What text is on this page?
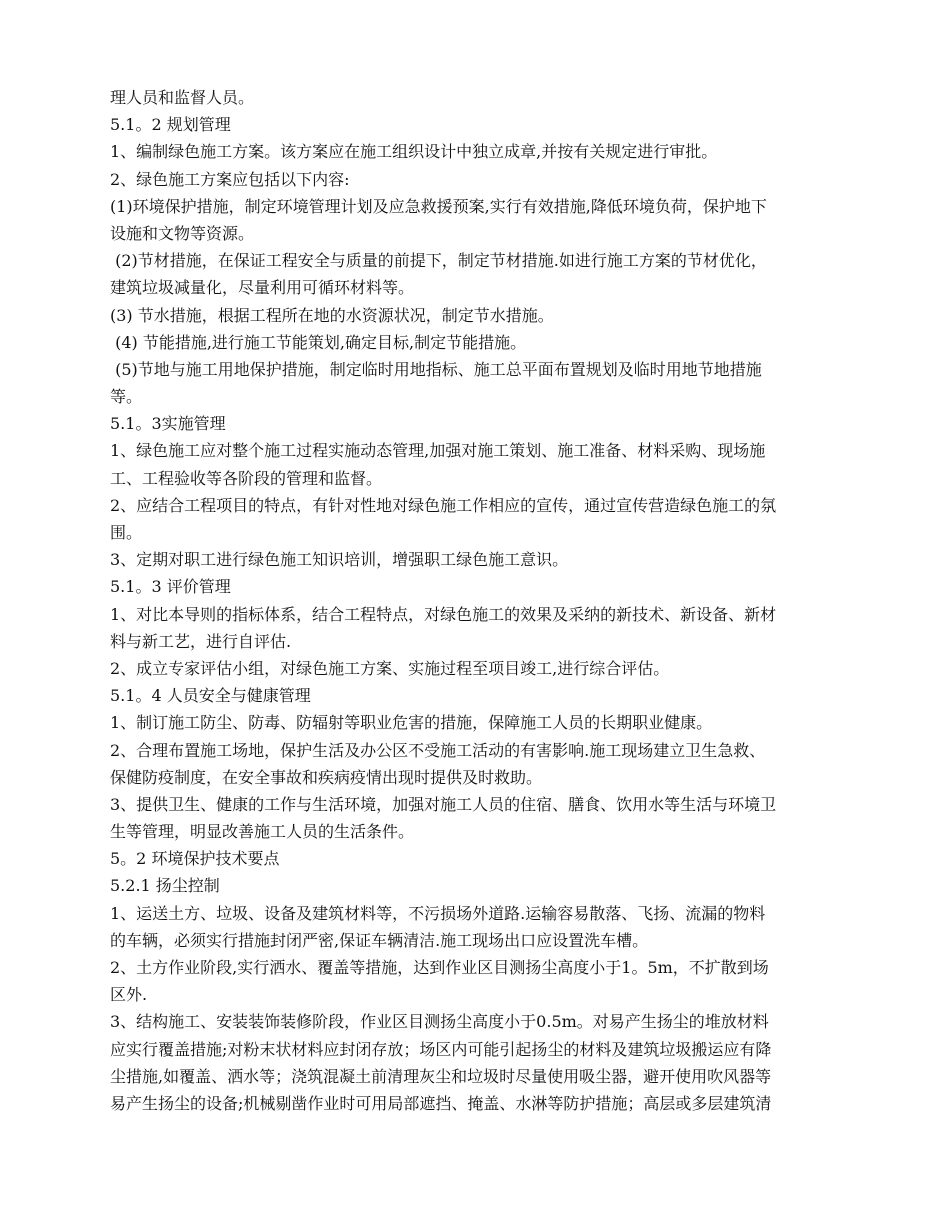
理人员和监督人员。
5.1。2 规划管理
1、编制绿色施工方案。该方案应在施工组织设计中独立成章,并按有关规定进行审批。
2、绿色施工方案应包括以下内容:
(1)环境保护措施，制定环境管理计划及应急救援预案,实行有效措施,降低环境负荷，保护地下
设施和文物等资源。
(2)节材措施，在保证工程安全与质量的前提下，制定节材措施.如进行施工方案的节材优化，
建筑垃圾减量化，尽量利用可循环材料等。
(3) 节水措施，根据工程所在地的水资源状况，制定节水措施。
(4) 节能措施,进行施工节能策划,确定目标,制定节能措施。
(5)节地与施工用地保护措施，制定临时用地指标、施工总平面布置规划及临时用地节地措施
等。
5.1。3实施管理
1、绿色施工应对整个施工过程实施动态管理,加强对施工策划、施工准备、材料采购、现场施
工、工程验收等各阶段的管理和监督。
2、应结合工程项目的特点，有针对性地对绿色施工作相应的宣传，通过宣传营造绿色施工的氛
围。
3、定期对职工进行绿色施工知识培训，增强职工绿色施工意识。
5.1。3 评价管理
1、对比本导则的指标体系，结合工程特点，对绿色施工的效果及采纳的新技术、新设备、新材
料与新工艺，进行自评估.
2、成立专家评估小组，对绿色施工方案、实施过程至项目竣工,进行综合评估。
5.1。4 人员安全与健康管理
1、制订施工防尘、防毒、防辐射等职业危害的措施，保障施工人员的长期职业健康。
2、合理布置施工场地，保护生活及办公区不受施工活动的有害影响.施工现场建立卫生急救、
保健防疫制度，在安全事故和疾病疫情出现时提供及时救助。
3、提供卫生、健康的工作与生活环境，加强对施工人员的住宿、膳食、饮用水等生活与环境卫
生等管理，明显改善施工人员的生活条件。
5。2 环境保护技术要点
5.2.1 扬尘控制
1、运送土方、垃圾、设备及建筑材料等，不污损场外道路.运输容易散落、飞扬、流漏的物料
的车辆，必须实行措施封闭严密,保证车辆清洁.施工现场出口应设置洗车槽。
2、土方作业阶段,实行洒水、覆盖等措施，达到作业区目测扬尘高度小于1。5m，不扩散到场
区外.
3、结构施工、安装装饰装修阶段，作业区目测扬尘高度小于0.5m。对易产生扬尘的堆放材料
应实行覆盖措施;对粉末状材料应封闭存放；场区内可能引起扬尘的材料及建筑垃圾搬运应有降
尘措施,如覆盖、洒水等；浇筑混凝土前清理灰尘和垃圾时尽量使用吸尘器，避开使用吹风器等
易产生扬尘的设备;机械剔凿作业时可用局部遮挡、掩盖、水淋等防护措施；高层或多层建筑清
